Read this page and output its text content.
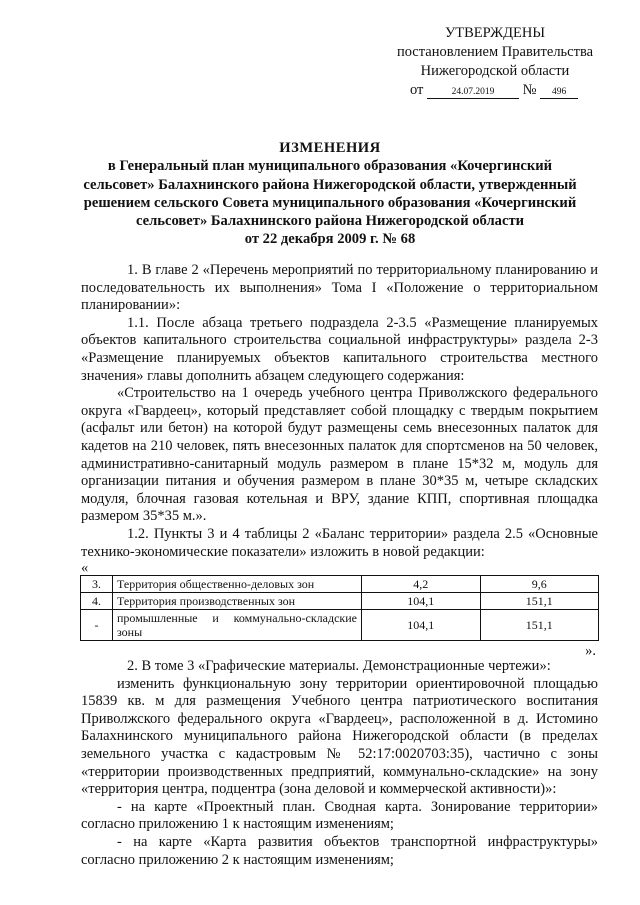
УТВЕРЖДЕНЫ
постановлением Правительства
Нижегородской области
от	24.07.2019 № 496
ИЗМЕНЕНИЯ
в Генеральный план муниципального образования «Кочергинский
сельсовет» Балахнинского района Нижегородской области, утвержденный
решением сельского Совета муниципального образования «Кочергинский
сельсовет» Балахнинского района Нижегородской области
от 22 декабря 2009 г. № 68

1. В главе 2 «Перечень мероприятий по территориальному планированию и последовательность их выполнения» Тома I «Положение о территориальном планировании»:

1.1. После абзаца третьего подраздела 2-3.5 «Размещение планируемых объектов капитального строительства социальной инфраструктуры» раздела 2-3 «Размещение планируемых объектов капитального строительства местного значения» главы дополнить абзацем следующего содержания:

«Строительство на 1 очередь учебного центра Приволжского федерального округа «Гвардеец», который представляет собой площадку с твердым покрытием (асфальт или бетон) на которой будут размещены семь внесезонных палаток для кадетов на 210 человек, пять внесезонных палаток для спортсменов на 50 человек, административно-санитарный модуль размером в плане 15*32 м, модуль для организации питания и обучения размером в плане 30*35 м, четыре складских модуля, блочная газовая котельная и ВРУ, здание КПП, спортивная площадка размером 35*35 м.».

1.2. Пункты 3 и 4 таблицы 2 «Баланс территории» раздела 2.5 «Основные технико-экономические показатели» изложить в новой редакции:

«
3.	Территория общественно-деловых зон	4,2	9,6
4.	Территория производственных зон	104,1	151,1
-	промышленные и коммунально-складские зоны	104,1	151,1
».

2. В томе 3 «Графические материалы. Демонстрационные чертежи»:

изменить функциональную зону территории ориентировочной площадью 15839 кв. м для размещения Учебного центра патриотического воспитания Приволжского федерального округа «Гвардеец», расположенной в д. Истомино Балахнинского муниципального района Нижегородской области (в пределах земельного участка с кадастровым № 52:17:0020703:35), частично с зоны «территории производственных предприятий, коммунально-складские» на зону «территория центра, подцентра (зона деловой и коммерческой активности)»:

- на карте «Проектный план. Сводная карта. Зонирование территории» согласно приложению 1 к настоящим изменениям;

- на карте «Карта развития объектов транспортной инфраструктуры» согласно приложению 2 к настоящим изменениям;
